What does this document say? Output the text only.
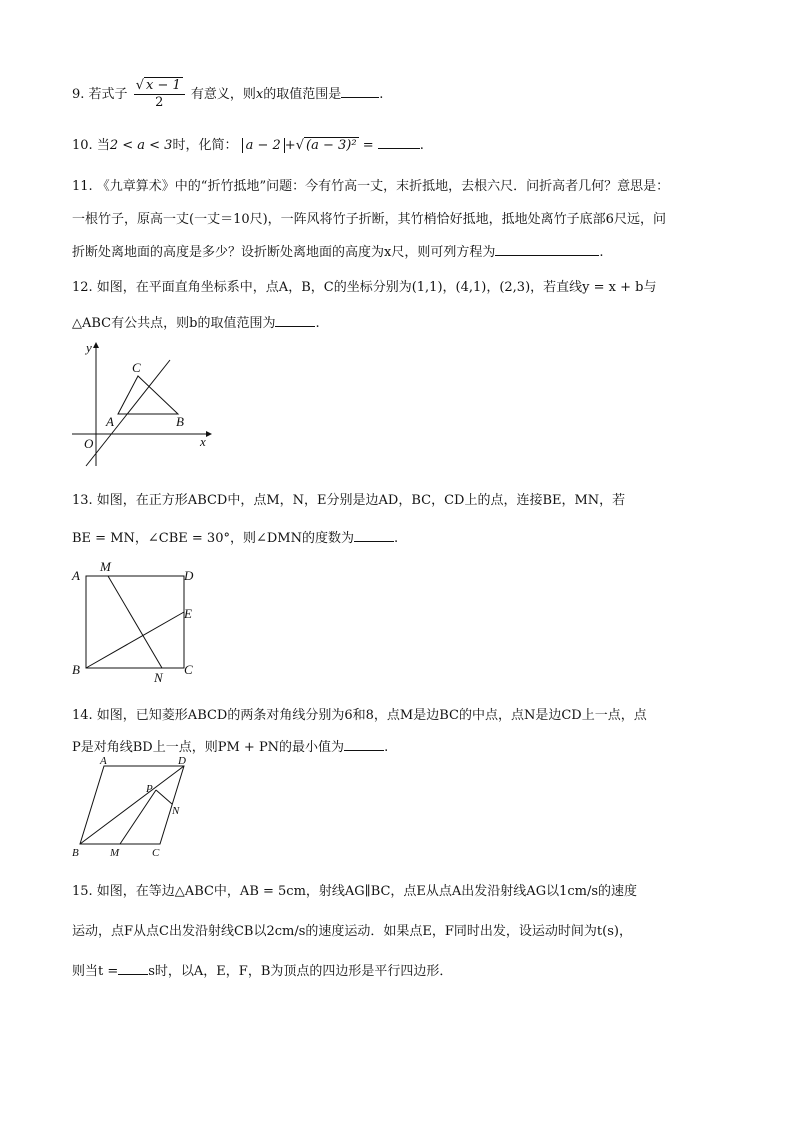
9. 若式子 $\frac{√ x - 1}{2}$ 有意义，则x的取值范围是	.
10. 当2 < a < 3时，化简： a − 2 +√ (a − 3)² =	.
11. 《九章算术》中的“折竹抵地”问题：今有竹高一丈，末折抵地，去根六尺．问折高者几何？意思是：
一根竹子，原高一丈(一丈＝10尺)，一阵风将竹子折断，其竹梢恰好抵地，抵地处离竹子底部6尺远，问
折断处离地面的高度是多少？设折断处离地面的高度为x尺，则可列方程为	.
12. 如图，在平面直角坐标系中，点A，B，C的坐标分别为(1,1)，(4,1)，(2,3)，若直线y = x + b与
△ABC有公共点，则b的取值范围为	.
y
x
O
A	B
C
13. 如图，在正方形ABCD中，点M，N，E分别是边AD，BC，CD上的点，连接BE，MN，若
BE = MN，∠CBE = 30°，则∠DMN的度数为	.
A
M
D
E
B
N
C
14. 如图，已知菱形ABCD的两条对角线分别为6和8，点M是边BC的中点，点N是边CD上一点，点
P是对角线BD上一点，则PM + PN的最小值为	.
A	D
P
N
B	M	C
15. 如图，在等边△ABC中，AB = 5cm，射线AG∥BC，点E从点A出发沿射线AG以1cm/s的速度
运动，点F从点C出发沿射线CB以2cm/s的速度运动．如果点E，F同时出发，设运动时间为t(s)，
则当t = s时，以A，E，F，B为顶点的四边形是平行四边形．
